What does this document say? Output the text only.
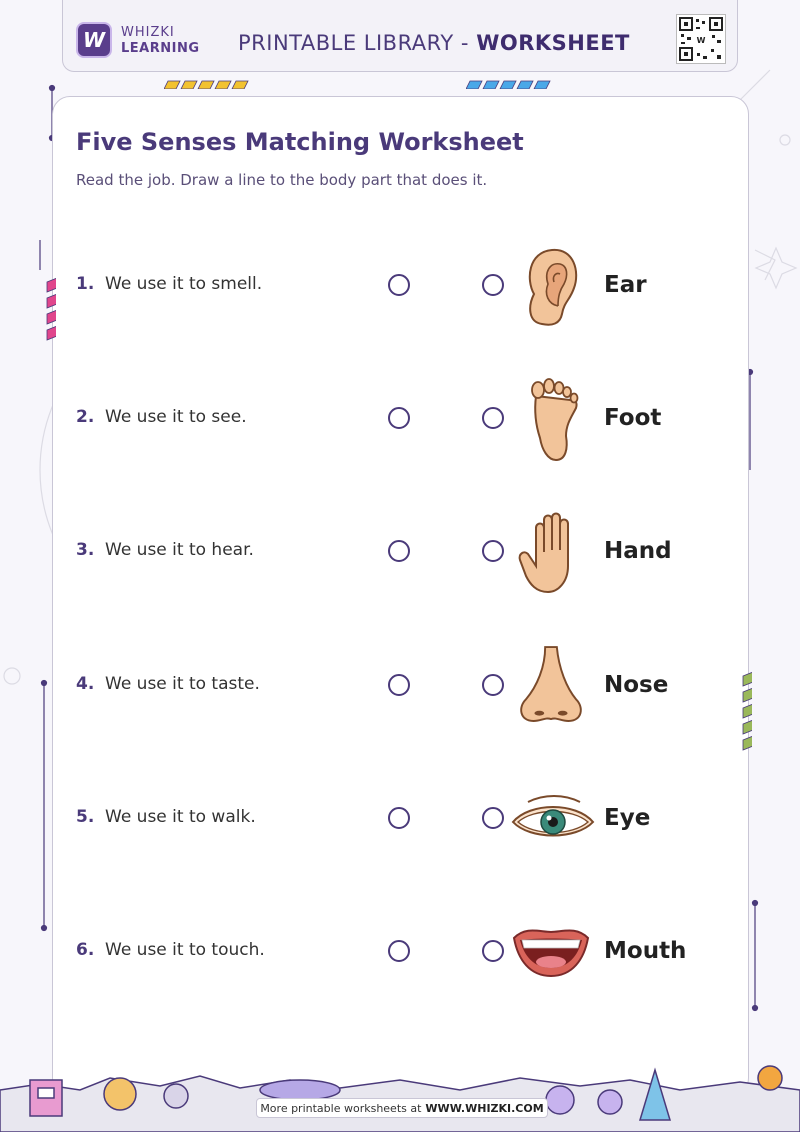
W	WHIZKI
LEARNING PRINTABLE LIBRARY - WORKSHEET	W
Five Senses Matching Worksheet
Read the job. Draw a line to the body part that does it.
1. We use it to smell.	Ear
2. We use it to see.	Foot
3. We use it to hear.	Hand
4. We use it to taste.	Nose
5. We use it to walk.	Eye
6. We use it to touch.	Mouth
More printable worksheets at WWW.WHIZKI.COM
